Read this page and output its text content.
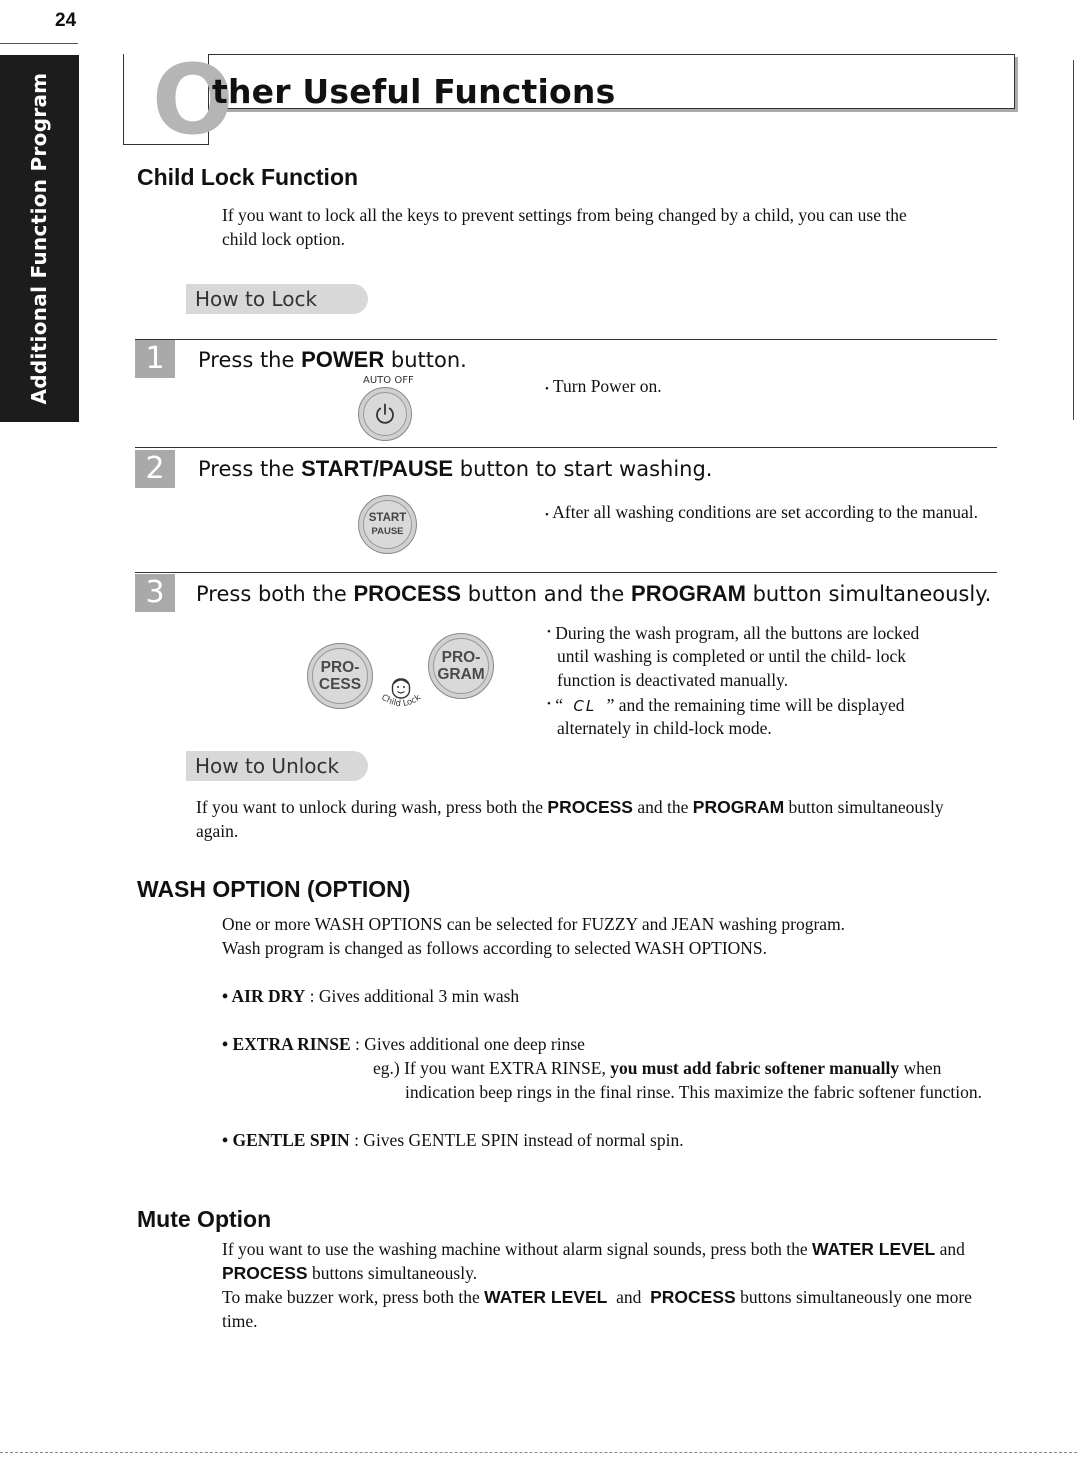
24
Additional Function Program O
ther Useful Functions
Child Lock Function
If you want to lock all the keys to prevent settings from being changed by a child, you can use the
child lock option.
How to Lock
1	Press the POWER button.
AUTO OFF
• Turn Power on.
2	Press the START/PAUSE button to start washing.
START
PAUSE
• After all washing conditions are set according to the manual.
3	Press both the PROCESS button and the PROGRAM button simultaneously.
PRO-
CESS
PRO-
GRAM
Child Lock
• During the wash program, all the buttons are locked
until washing is completed or until the child- lock
function is deactivated manually.
• “ CL ” and the remaining time will be displayed
alternately in child-lock mode.
How to Unlock
If you want to unlock during wash, press both the PROCESS and the PROGRAM button simultaneously
again.
WASH OPTION (OPTION)
One or more WASH OPTIONS can be selected for FUZZY and JEAN washing program.
Wash program is changed as follows according to selected WASH OPTIONS.
• AIR DRY : Gives additional 3 min wash
• EXTRA RINSE : Gives additional one deep rinse
eg.) If you want EXTRA RINSE, you must add fabric softener manually when
indication beep rings in the final rinse. This maximize the fabric softener function.
• GENTLE SPIN : Gives GENTLE SPIN instead of normal spin.
Mute Option
If you want to use the washing machine without alarm signal sounds, press both the WATER LEVEL and
PROCESS buttons simultaneously.
To make buzzer work, press both the WATER LEVEL  and  PROCESS buttons simultaneously one more
time.
